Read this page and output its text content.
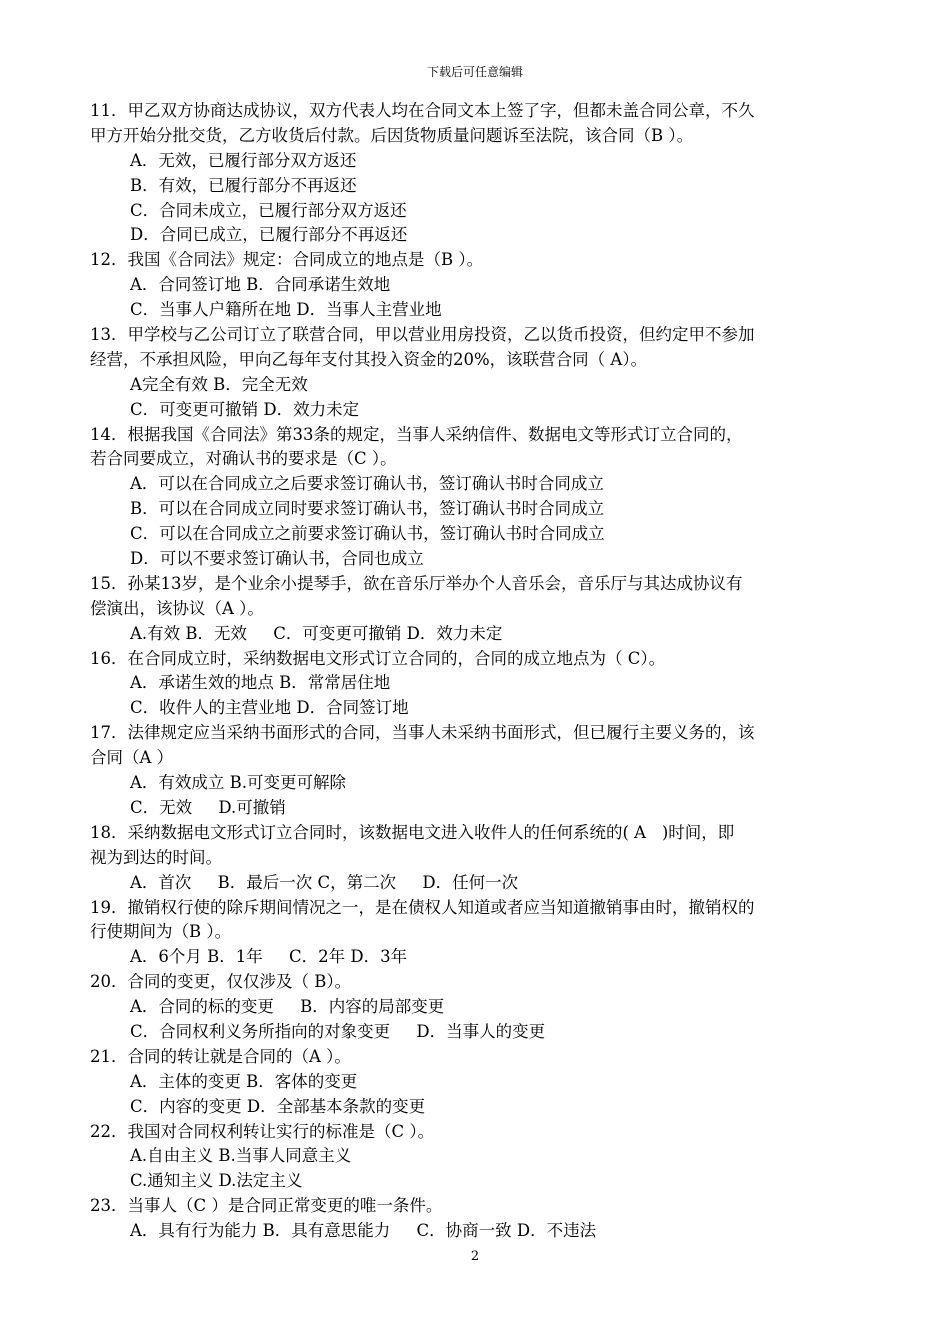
下载后可任意编辑
11．甲乙双方协商达成协议，双方代表人均在合同文本上签了字，但都未盖合同公章，不久
甲方开始分批交货，乙方收货后付款。后因货物质量问题诉至法院，该合同（B ）。
A．无效，已履行部分双方返还
B．有效，已履行部分不再返还
C．合同未成立，已履行部分双方返还
D．合同已成立，已履行部分不再返还
12．我国《合同法》规定：合同成立的地点是（B ）。
A．合同签订地 B．合同承诺生效地
C．当事人户籍所在地 D．当事人主营业地
13．甲学校与乙公司订立了联营合同，甲以营业用房投资，乙以货币投资，但约定甲不参加
经营，不承担风险，甲向乙每年支付其投入资金的20%，该联营合同（ A）。
A完全有效 B．完全无效
C．可变更可撤销 D．效力未定
14．根据我国《合同法》第33条的规定，当事人采纳信件、数据电文等形式订立合同的，
若合同要成立，对确认书的要求是（C ）。
A．可以在合同成立之后要求签订确认书，签订确认书时合同成立
B．可以在合同成立同时要求签订确认书，签订确认书时合同成立
C．可以在合同成立之前要求签订确认书，签订确认书时合同成立
D．可以不要求签订确认书，合同也成立
15．孙某13岁，是个业余小提琴手，欲在音乐厅举办个人音乐会，音乐厅与其达成协议有
偿演出，该协议（A ）。
A.有效 B．无效     C．可变更可撤销 D．效力未定
16．在合同成立时，采纳数据电文形式订立合同的，合同的成立地点为（ C）。
A．承诺生效的地点 B．常常居住地
C．收件人的主营业地 D．合同签订地
17．法律规定应当采纳书面形式的合同，当事人未采纳书面形式，但已履行主要义务的，该
合同（A ）
A．有效成立 B.可变更可解除
C．无效     D.可撤销
18．采纳数据电文形式订立合同时，该数据电文进入收件人的任何系统的( A   )时间，即
视为到达的时间。
A．首次     B．最后一次 C，第二次     D．任何一次
19．撤销权行使的除斥期间情况之一，是在债权人知道或者应当知道撤销事由时，撤销权的
行使期间为（B ）。
A．6个月 B．1年     C．2年 D．3年
20．合同的变更，仅仅涉及（ B）。
A．合同的标的变更     B．内容的局部变更
C．合同权利义务所指向的对象变更     D．当事人的变更
21．合同的转让就是合同的（A ）。
A．主体的变更 B．客体的变更
C．内容的变更 D．全部基本条款的变更
22．我国对合同权利转让实行的标准是（C ）。
A.自由主义 B.当事人同意主义
C.通知主义 D.法定主义
23．当事人（C ）是合同正常变更的唯一条件。
A．具有行为能力 B．具有意思能力     C．协商一致 D．不违法
2
